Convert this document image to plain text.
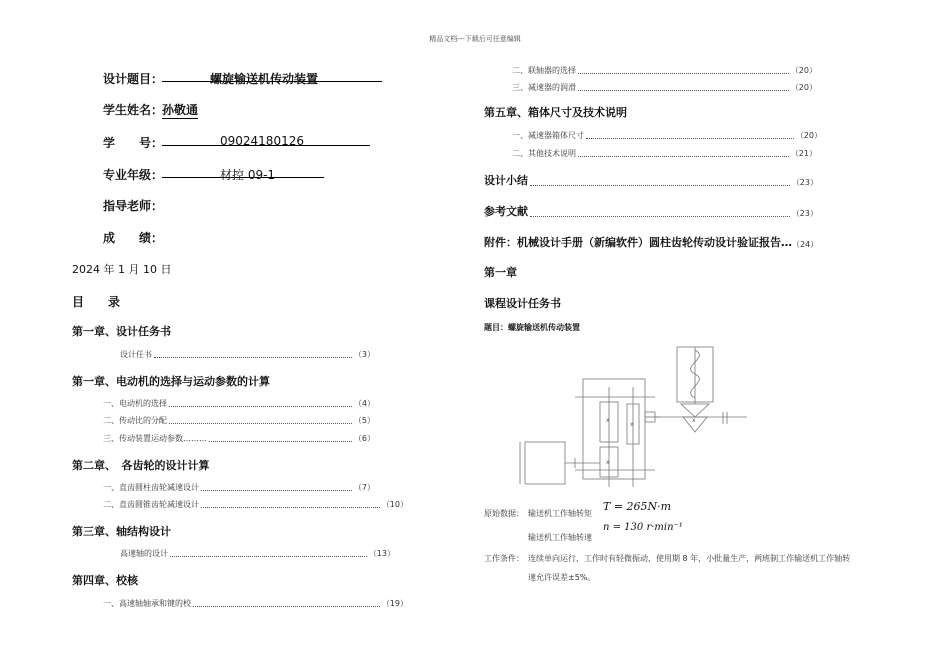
精品文档---下载后可任意编辑
设计题目：	螺旋输送机传动装置
学生姓名：
孙敬通
学　　号：	09024180126
专业年级：	材控 09-1
指导老师：
成　　绩：
2024 年 1 月 10 日
目　　录
第一章、设计任务书
设计任书	（3）
第一章、电动机的选择与运动参数的计算
一、电动机的选择	（4）
二、传动比的分配	（5）
三、传动装置运动参数………	（6）
第二章、　各齿轮的设计计算
一、直齿圆柱齿轮减速设计	（7）
二、直齿圆锥齿轮减速设计	（10）
第三章、轴结构设计
高速轴的设计	（13）
第四章、校核
一、高速轴轴承和键的校	（19）
二、联轴器的选择	（20）
三、减速器的润滑	（20）
第五章、箱体尺寸及技术说明
一、减速器箱体尺寸	（20）
二、其他技术说明	（21）
设计小结	（23）
参考文献	（23）
附件：机械设计手册（新编软件）圆柱齿轮传动设计验证报告… （24）
第一章
课程设计任务书
题目：螺旋输送机传动装置
x
x
x
x
原始数据： 输送机工作轴转矩
T = 265N·m
输送机工作轴转速
n = 130 r·min⁻¹
工作条件： 连续单向运行，工作时有轻微振动，使用期 8 年，小批量生产，两班制工作输送机工作轴转
速允许误差±5%。
